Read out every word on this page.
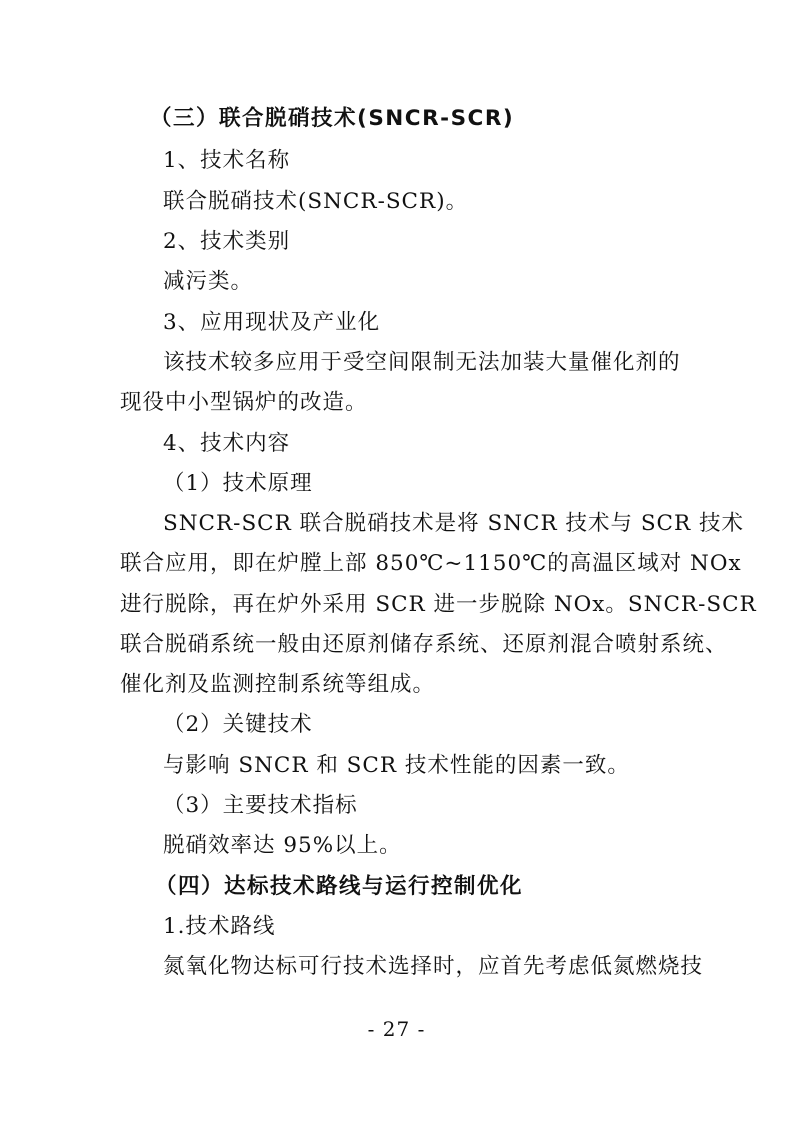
（三）联合脱硝技术(SNCR-SCR)
1、技术名称
联合脱硝技术(SNCR-SCR)。
2、技术类别
减污类。
3、应用现状及产业化
该技术较多应用于受空间限制无法加装大量催化剂的
现役中小型锅炉的改造。
4、技术内容
（1）技术原理
SNCR-SCR 联合脱硝技术是将 SNCR 技术与 SCR 技术
联合应用，即在炉膛上部 850℃~1150℃的高温区域对 NOx
进行脱除，再在炉外采用 SCR 进一步脱除 NOx。SNCR-SCR
联合脱硝系统一般由还原剂储存系统、还原剂混合喷射系统、
催化剂及监测控制系统等组成。
（2）关键技术
与影响 SNCR 和 SCR 技术性能的因素一致。
（3）主要技术指标
脱硝效率达 95%以上。
（四）达标技术路线与运行控制优化
1.技术路线
氮氧化物达标可行技术选择时，应首先考虑低氮燃烧技
- 27 -
